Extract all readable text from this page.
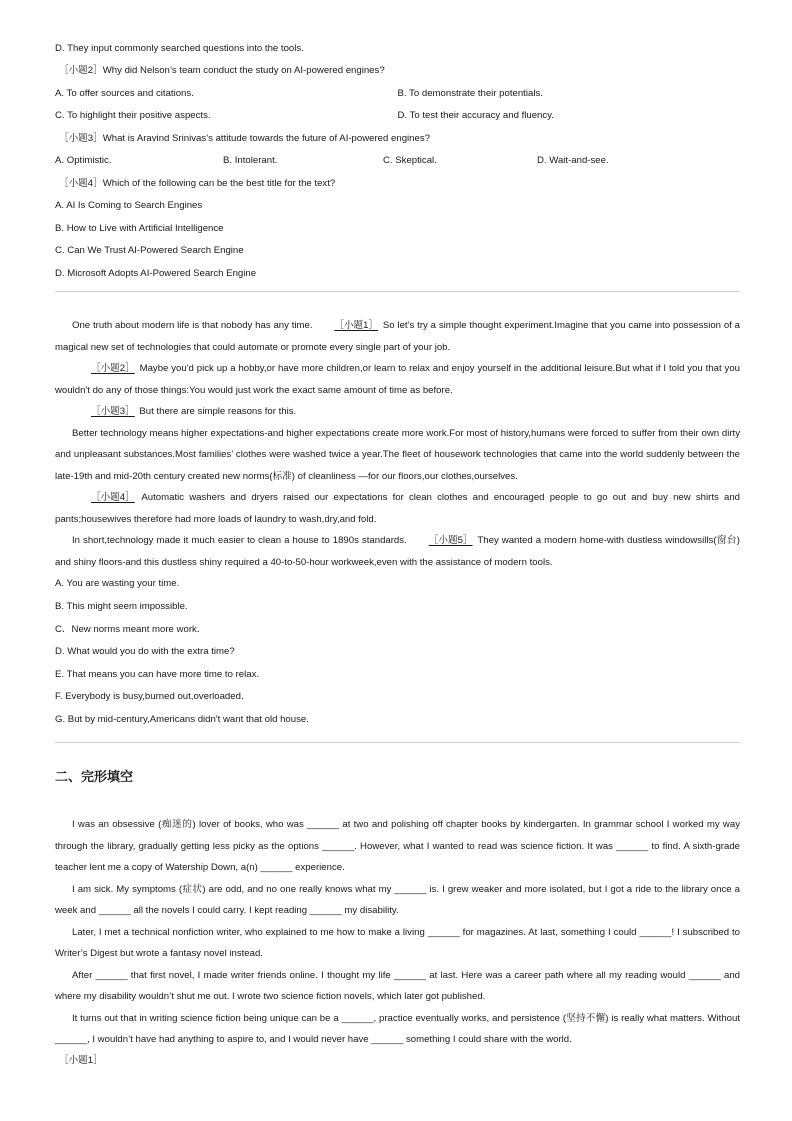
D. They input commonly searched questions into the tools.
［小题2］Why did Nelson’s team conduct the study on AI-powered engines?
A. To offer sources and citations.	B. To demonstrate their potentials.
C. To highlight their positive aspects.	D. To test their accuracy and fluency.
［小题3］What is Aravind Srinivas’s attitude towards the future of AI-powered engines?
A. Optimistic.	B. Intolerant.	C. Skeptical.	D. Wait-and-see.
［小题4］Which of the following can be the best title for the text?
A. AI Is Coming to Search Engines
B. How to Live with Artificial Intelligence
C. Can We Trust AI-Powered Search Engine
D. Microsoft Adopts AI-Powered Search Engine
One truth about modern life is that nobody has any time. ［小题1］ So let’s try a simple thought experiment.Imagine that you came into possession of a magical new set of technologies that could automate or promote every single part of your job.
［小题2］ Maybe you'd pick up a hobby,or have more children,or learn to relax and enjoy yourself in the additional leisure.But what if I told you that you wouldn't do any of those things:You would just work the exact same amount of time as before.
［小题3］ But there are simple reasons for this.
Better technology means higher expectations-and higher expectations create more work.For most of history,humans were forced to suffer from their own dirty and unpleasant substances.Most families’ clothes were washed twice a year.The fleet of housework technologies that came into the world suddenly between the late-19th and mid-20th century created new norms(标准) of cleanliness —for our floors,our clothes,ourselves.
［小题4］ Automatic washers and dryers raised our expectations for clean clothes and encouraged people to go out and buy new shirts and pants;housewives therefore had more loads of laundry to wash,dry,and fold.
In short,technology made it much easier to clean a house to 1890s standards. ［小题5］ They wanted a modern home-with dustless windowsills(窗台) and shiny floors-and this dustless shiny required a 40-to-50-hour workweek,even with the assistance of modern tools.
A. You are wasting your time.
B. This might seem impossible.
C．New norms meant more work.
D. What would you do with the extra time?
E. That means you can have more time to relax.
F. Everybody is busy,burned out,overloaded.
G. But by mid-century,Americans didn't want that old house.
二、完形填空
I was an obsessive (痴迷的) lover of books, who was ______ at two and polishing off chapter books by kindergarten. In grammar school I worked my way through the library, gradually getting less picky as the options ______. However, what I wanted to read was science fiction. It was ______ to find. A sixth-grade teacher lent me a copy of Watership Down, a(n) ______ experience.
I am sick. My symptoms (症状) are odd, and no one really knows what my ______ is. I grew weaker and more isolated, but I got a ride to the library once a week and ______ all the novels I could carry. I kept reading ______ my disability.
Later, I met a technical nonfiction writer, who explained to me how to make a living ______ for magazines. At last, something I could ______! I subscribed to Writer’s Digest but wrote a fantasy novel instead.
After ______ that first novel, I made writer friends online. I thought my life ______ at last. Here was a career path where all my reading would ______ and where my disability wouldn’t shut me out. I wrote two science fiction novels, which later got published.
It turns out that in writing science fiction being unique can be a ______, practice eventually works, and persistence (坚持不懈) is really what matters. Without ______, I wouldn’t have had anything to aspire to, and I would never have ______ something I could share with the world.
［小题1］
